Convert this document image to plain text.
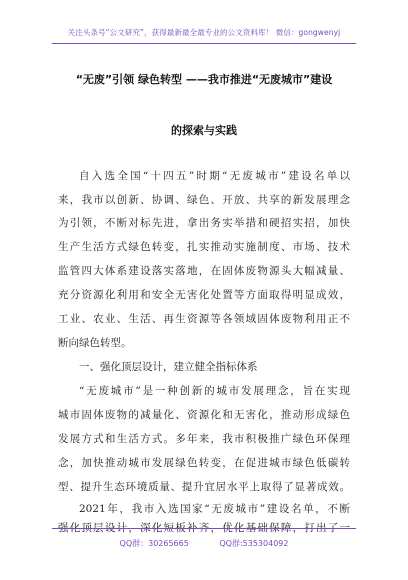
关注头条号“公文研究”，获得最新最全最专业的公文资料库！ 微信：gongwenyj
“无废”引领 绿色转型 ——我市推进“无废城市”建设
的探索与实践
自入选全国“十四五”时期“无废城市”建设名单以
来，我市以创新、协调、绿色、开放、共享的新发展理念
为引领，不断对标先进，拿出务实举措和硬招实招，加快
生产生活方式绿色转变，扎实推动实施制度、市场、技术
监管四大体系建设落实落地，在固体废物源头大幅减量、
充分资源化利用和安全无害化处置等方面取得明显成效，
工业、农业、生活、再生资源等各领域固体废物利用正不
断向绿色转型。
一、强化顶层设计，建立健全指标体系
“无废城市”是一种创新的城市发展理念，旨在实现
城市固体废物的减量化、资源化和无害化，推动形成绿色
发展方式和生活方式。多年来，我市积极推广绿色环保理
念，加快推动城市发展绿色转变，在促进城市绿色低碳转
型、提升生态环境质量、提升宜居水平上取得了显著成效。
2021年，我市入选国家“无废城市”建设名单，不断
强化顶层设计，深化短板补齐，优化基础保障，打出了一
QQ群：30265665	QQ群:535304092
